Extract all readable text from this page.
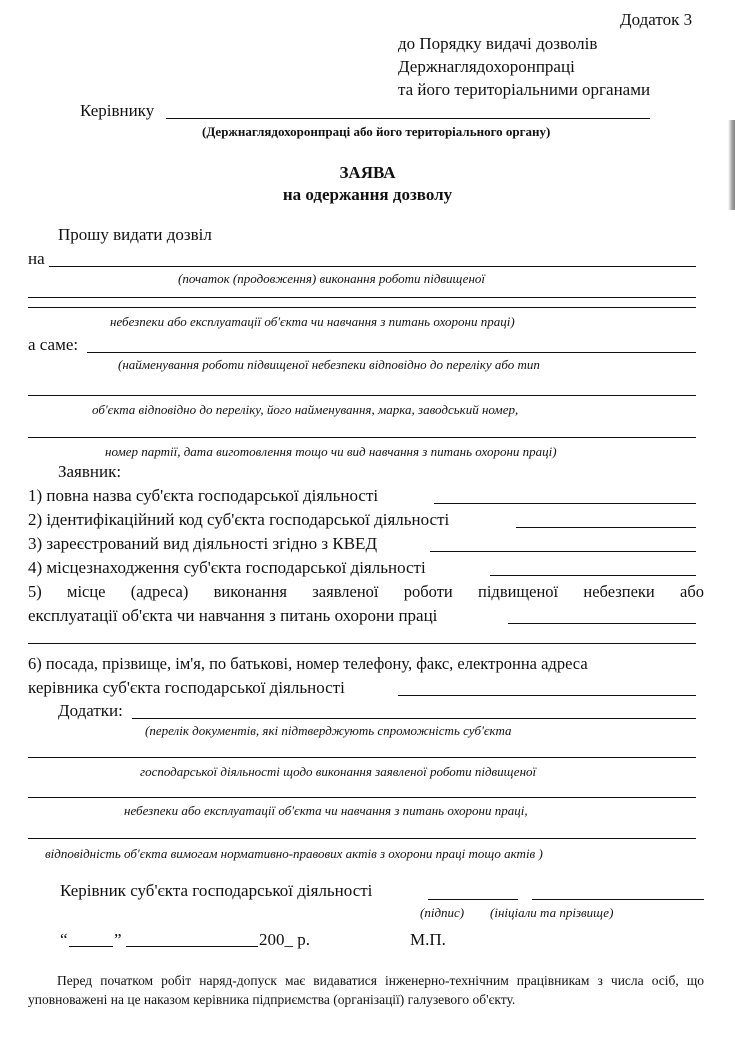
Додаток 3
до Порядку видачі дозволів
Держнаглядохоронпраці
та його територіальними органами
Керівнику
(Держнаглядохоронпраці або його територіального органу)
ЗАЯВА
на одержання дозволу
Прошу видати дозвіл
на
(початок (продовження) виконання роботи підвищеної
небезпеки або експлуатації об'єкта чи навчання з питань охорони праці)
а саме:
(найменування роботи підвищеної небезпеки відповідно до переліку або тип
об'єкта відповідно до переліку, його найменування, марка, заводський номер,
номер партії, дата виготовлення тощо чи вид навчання з питань охорони праці)
Заявник:
1) повна назва суб'єкта господарської діяльності
2) ідентифікаційний код суб'єкта господарської діяльності
3) зареєстрований вид діяльності згідно з КВЕД
4) місцезнаходження суб'єкта господарської діяльності
5) місце (адреса) виконання заявленої роботи підвищеної небезпеки або
експлуатації об'єкта чи навчання з питань охорони праці
6) посада, прізвище, ім'я, по батькові, номер телефону, факс, електронна адреса
керівника суб'єкта господарської діяльності
Додатки:
(перелік документів, які підтверджують спроможність суб'єкта
господарської діяльності щодо виконання заявленої роботи підвищеної
небезпеки або експлуатації об'єкта чи навчання з питань охорони праці,
відповідність об'єкта вимогам нормативно-правових актів з охорони праці тощо актів )
Керівник суб'єкта господарської діяльності
(підпис) (ініціали та прізвище)
“	”	200_ р.	М.П.
Перед початком робіт наряд-допуск має видаватися інженерно-технічним працівникам з числа осіб, що уповноважені на це наказом керівника підприємства (організації) галузевого об'єкту.
